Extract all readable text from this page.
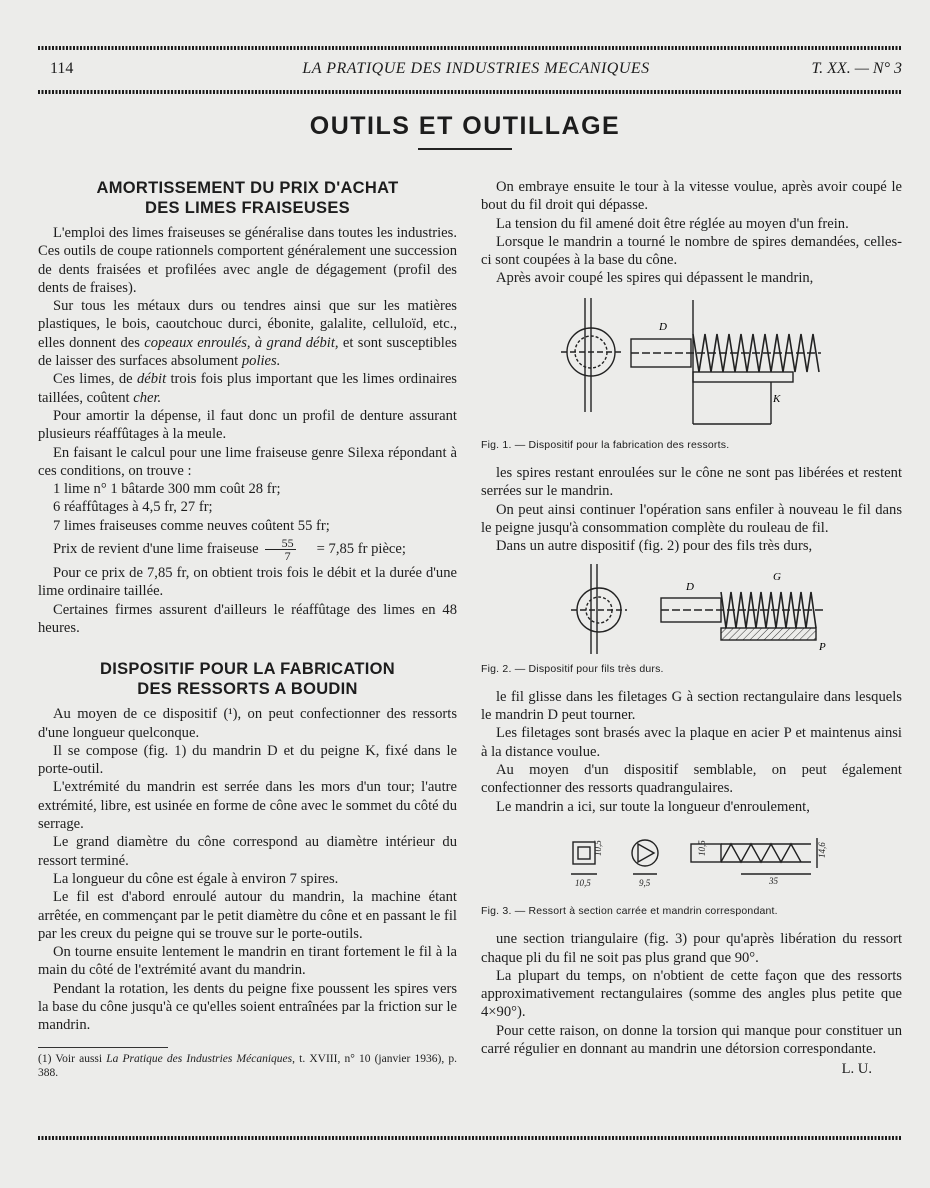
114	LA PRATIQUE DES INDUSTRIES MECANIQUES	T. XX. — N° 3
OUTILS ET OUTILLAGE
AMORTISSEMENT DU PRIX D'ACHAT
DES LIMES FRAISEUSES

L'emploi des limes fraiseuses se généralise dans toutes les industries. Ces outils de coupe rationnels comportent généralement une succession de dents fraisées et profilées avec angle de dégagement (profil des dents de fraises).

Sur tous les métaux durs ou tendres ainsi que sur les matières plastiques, le bois, caoutchouc durci, ébonite, galalite, celluloïd, etc., elles donnent des copeaux enroulés, à grand débit, et sont susceptibles de laisser des surfaces absolument polies.

Ces limes, de débit trois fois plus important que les limes ordinaires taillées, coûtent cher.

Pour amortir la dépense, il faut donc un profil de denture assurant plusieurs réaffûtages à la meule.

En faisant le calcul pour une lime fraiseuse genre Silexa répondant à ces conditions, on trouve :

1 lime n° 1 bâtarde 300 mm coût 28 fr;

6 réaffûtages à 4,5 fr, 27 fr;

7 limes fraiseuses comme neuves coûtent 55 fr;

Prix de revient d'une lime fraiseuse $\frac{55}{7}$	= 7,85 fr pièce;

Pour ce prix de 7,85 fr, on obtient trois fois le débit et la durée d'une lime ordinaire taillée.

Certaines firmes assurent d'ailleurs le réaffûtage des limes en 48 heures.

DISPOSITIF POUR LA FABRICATION
DES RESSORTS A BOUDIN

Au moyen de ce dispositif (¹), on peut confectionner des ressorts d'une longueur quelconque.

Il se compose (fig. 1) du mandrin D et du peigne K, fixé dans le porte-outil.

L'extrémité du mandrin est serrée dans les mors d'un tour; l'autre extrémité, libre, est usinée en forme de cône avec le sommet du côté du serrage.

Le grand diamètre du cône correspond au diamètre intérieur du ressort terminé.

La longueur du cône est égale à environ 7 spires.

Le fil est d'abord enroulé autour du mandrin, la machine étant arrêtée, en commençant par le petit diamètre du cône et en passant le fil par les creux du peigne qui se trouve sur le porte-outils.

On tourne ensuite lentement le mandrin en tirant fortement le fil à la main du côté de l'extrémité avant du mandrin.

Pendant la rotation, les dents du peigne fixe poussent les spires vers la base du cône jusqu'à ce qu'elles soient entraînées par la friction sur le mandrin.

(1) Voir aussi La Pratique des Industries Mécaniques, t. XVIII, n° 10 (janvier 1936), p. 388.

On embraye ensuite le tour à la vitesse voulue, après avoir coupé le bout du fil droit qui dépasse.

La tension du fil amené doit être réglée au moyen d'un frein.

Lorsque le mandrin a tourné le nombre de spires demandées, celles-ci sont coupées à la base du cône.

Après avoir coupé les spires qui dépassent le mandrin,

D
K

Fig. 1. — Dispositif pour la fabrication des ressorts.

les spires restant enroulées sur le cône ne sont pas libérées et restent serrées sur le mandrin.

On peut ainsi continuer l'opération sans enfiler à nouveau le fil dans le peigne jusqu'à consommation complète du rouleau de fil.

Dans un autre dispositif (fig. 2) pour des fils très durs,

D
G
P

Fig. 2. — Dispositif pour fils très durs.

le fil glisse dans les filetages G à section rectangulaire dans lesquels le mandrin D peut tourner.

Les filetages sont brasés avec la plaque en acier P et maintenus ainsi à la distance voulue.

Au moyen d'un dispositif semblable, on peut également confectionner des ressorts quadrangulaires.

Le mandrin a ici, sur toute la longueur d'enroulement,

10,5
10,5	9,5
10,5
35
14,6

Fig. 3. — Ressort à section carrée et mandrin correspondant.

une section triangulaire (fig. 3) pour qu'après libération du ressort chaque pli du fil ne soit pas plus grand que 90°.

La plupart du temps, on n'obtient de cette façon que des ressorts approximativement rectangulaires (somme des angles plus petite que 4×90°).

Pour cette raison, on donne la torsion qui manque pour constituer un carré régulier en donnant au mandrin une détorsion correspondante.

L. U.
